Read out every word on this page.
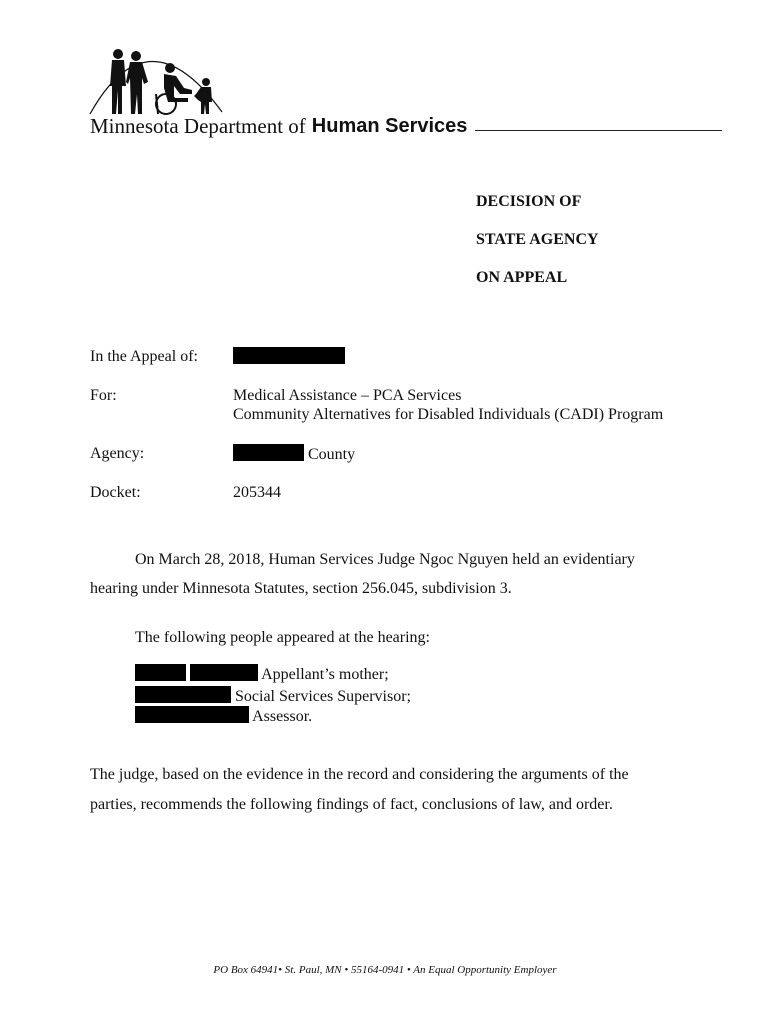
Minnesota Department of Human Services
DECISION OF
STATE AGENCY
ON APPEAL
In the Appeal of:
For:	Medical Assistance – PCA Services
Community Alternatives for Disabled Individuals (CADI) Program
Agency:	County
Docket:	205344
On March 28, 2018, Human Services Judge Ngoc Nguyen held an evidentiary
hearing under Minnesota Statutes, section 256.045, subdivision 3.
The following people appeared at the hearing:
Appellant’s mother;
Social Services Supervisor;
Assessor.
The judge, based on the evidence in the record and considering the arguments of the
parties, recommends the following findings of fact, conclusions of law, and order.
PO Box 64941• St. Paul, MN • 55164-0941 • An Equal Opportunity Employer
